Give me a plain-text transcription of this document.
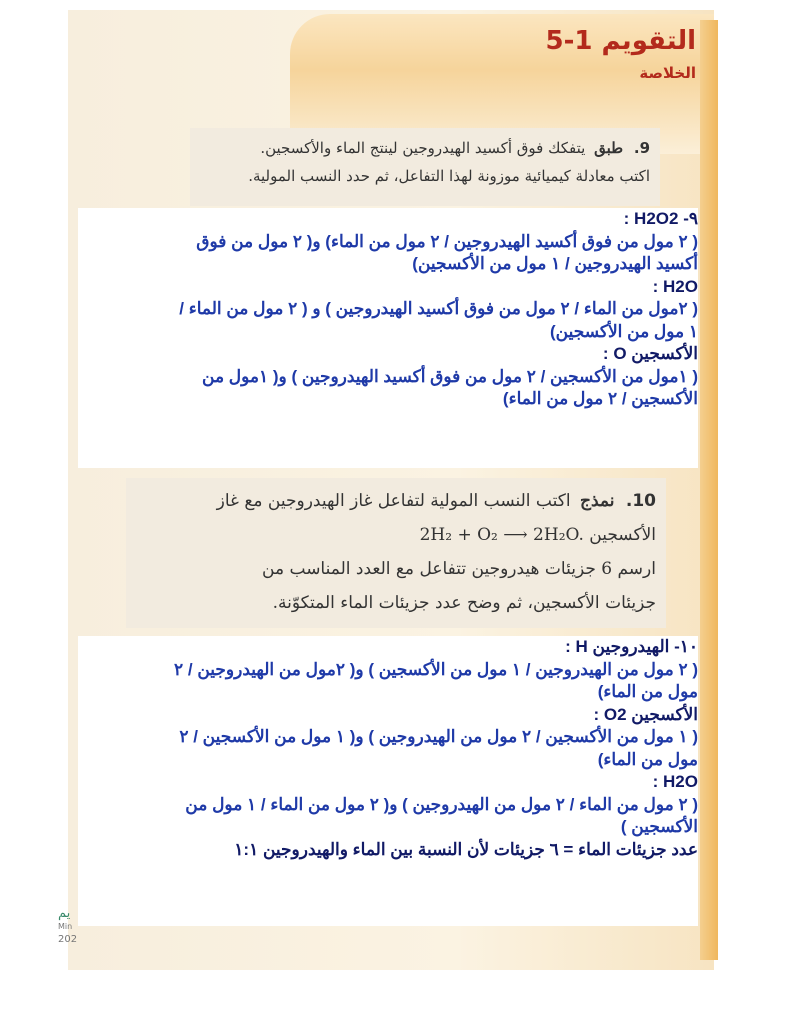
التقويم 1-5
الخلاصة
9. طبق يتفكك فوق أكسيد الهيدروجين لينتج الماء والأكسجين.
اكتب معادلة كيميائية موزونة لهذا التفاعل، ثم حدد النسب المولية.
٩- H2O2 :
( ٢ مول من فوق أكسيد الهيدروجين / ٢ مول من الماء) و( ٢ مول من فوق
أكسيد الهيدروجين / ١ مول من الأكسجين)
H2O :
( ٢مول من الماء / ٢ مول من فوق أكسيد الهيدروجين ) و ( ٢ مول من الماء /
١ مول من الأكسجين)
الأكسجين O :
( ١مول من الأكسجين / ٢ مول من فوق أكسيد الهيدروجين ) و( ١مول من
الأكسجين / ٢ مول من الماء)
10. نمذج اكتب النسب المولية لتفاعل غاز الهيدروجين مع غاز
الأكسجين 2H₂ + O₂ ⟶ 2H₂O.
ارسم 6 جزيئات هيدروجين تتفاعل مع العدد المناسب من
جزيئات الأكسجين، ثم وضح عدد جزيئات الماء المتكوّنة.
١٠- الهيدروجين H :
( ٢ مول من الهيدروجين / ١ مول من الأكسجين ) و( ٢مول من الهيدروجين / ٢
مول من الماء)
الأكسجين O2 :
( ١ مول من الأكسجين / ٢ مول من الهيدروجين ) و( ١ مول من الأكسجين / ٢
مول من الماء)
H2O :
( ٢ مول من الماء / ٢ مول من الهيدروجين ) و( ٢ مول من الماء / ١ مول من
الأكسجين )
عدد جزيئات الماء = ٦ جزيئات لأن النسبة بين الماء والهيدروجين ١:١
يم
Min
202
